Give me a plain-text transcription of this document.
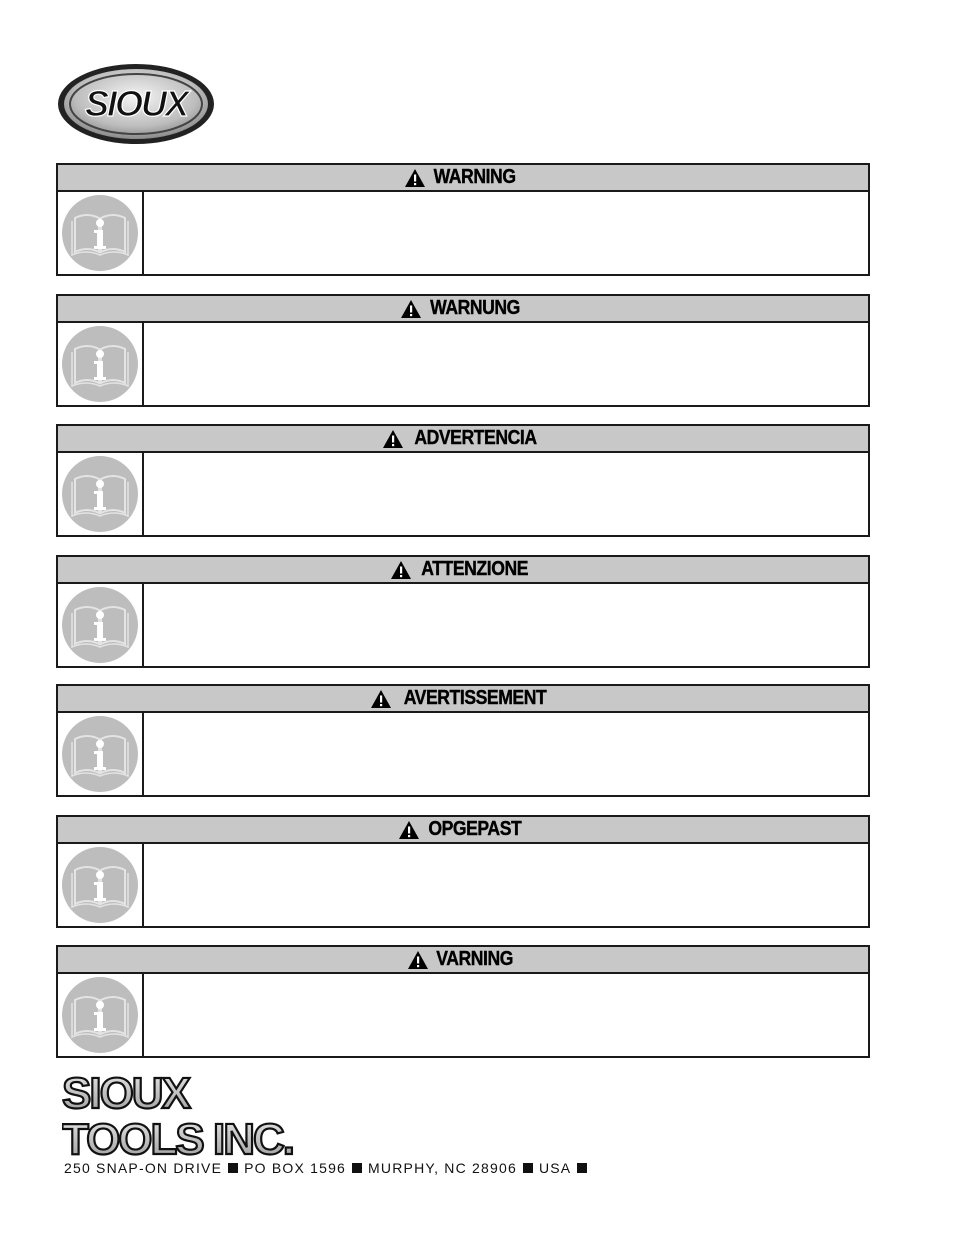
SIOUX
WARNING
WARNUNG
ADVERTENCIA
ATTENZIONE
AVERTISSEMENT
OPGEPAST
VARNING
SIOUX
TOOLS INC.
250 SNAP-ON DRIVE PO BOX 1596 MURPHY, NC 28906 USA
